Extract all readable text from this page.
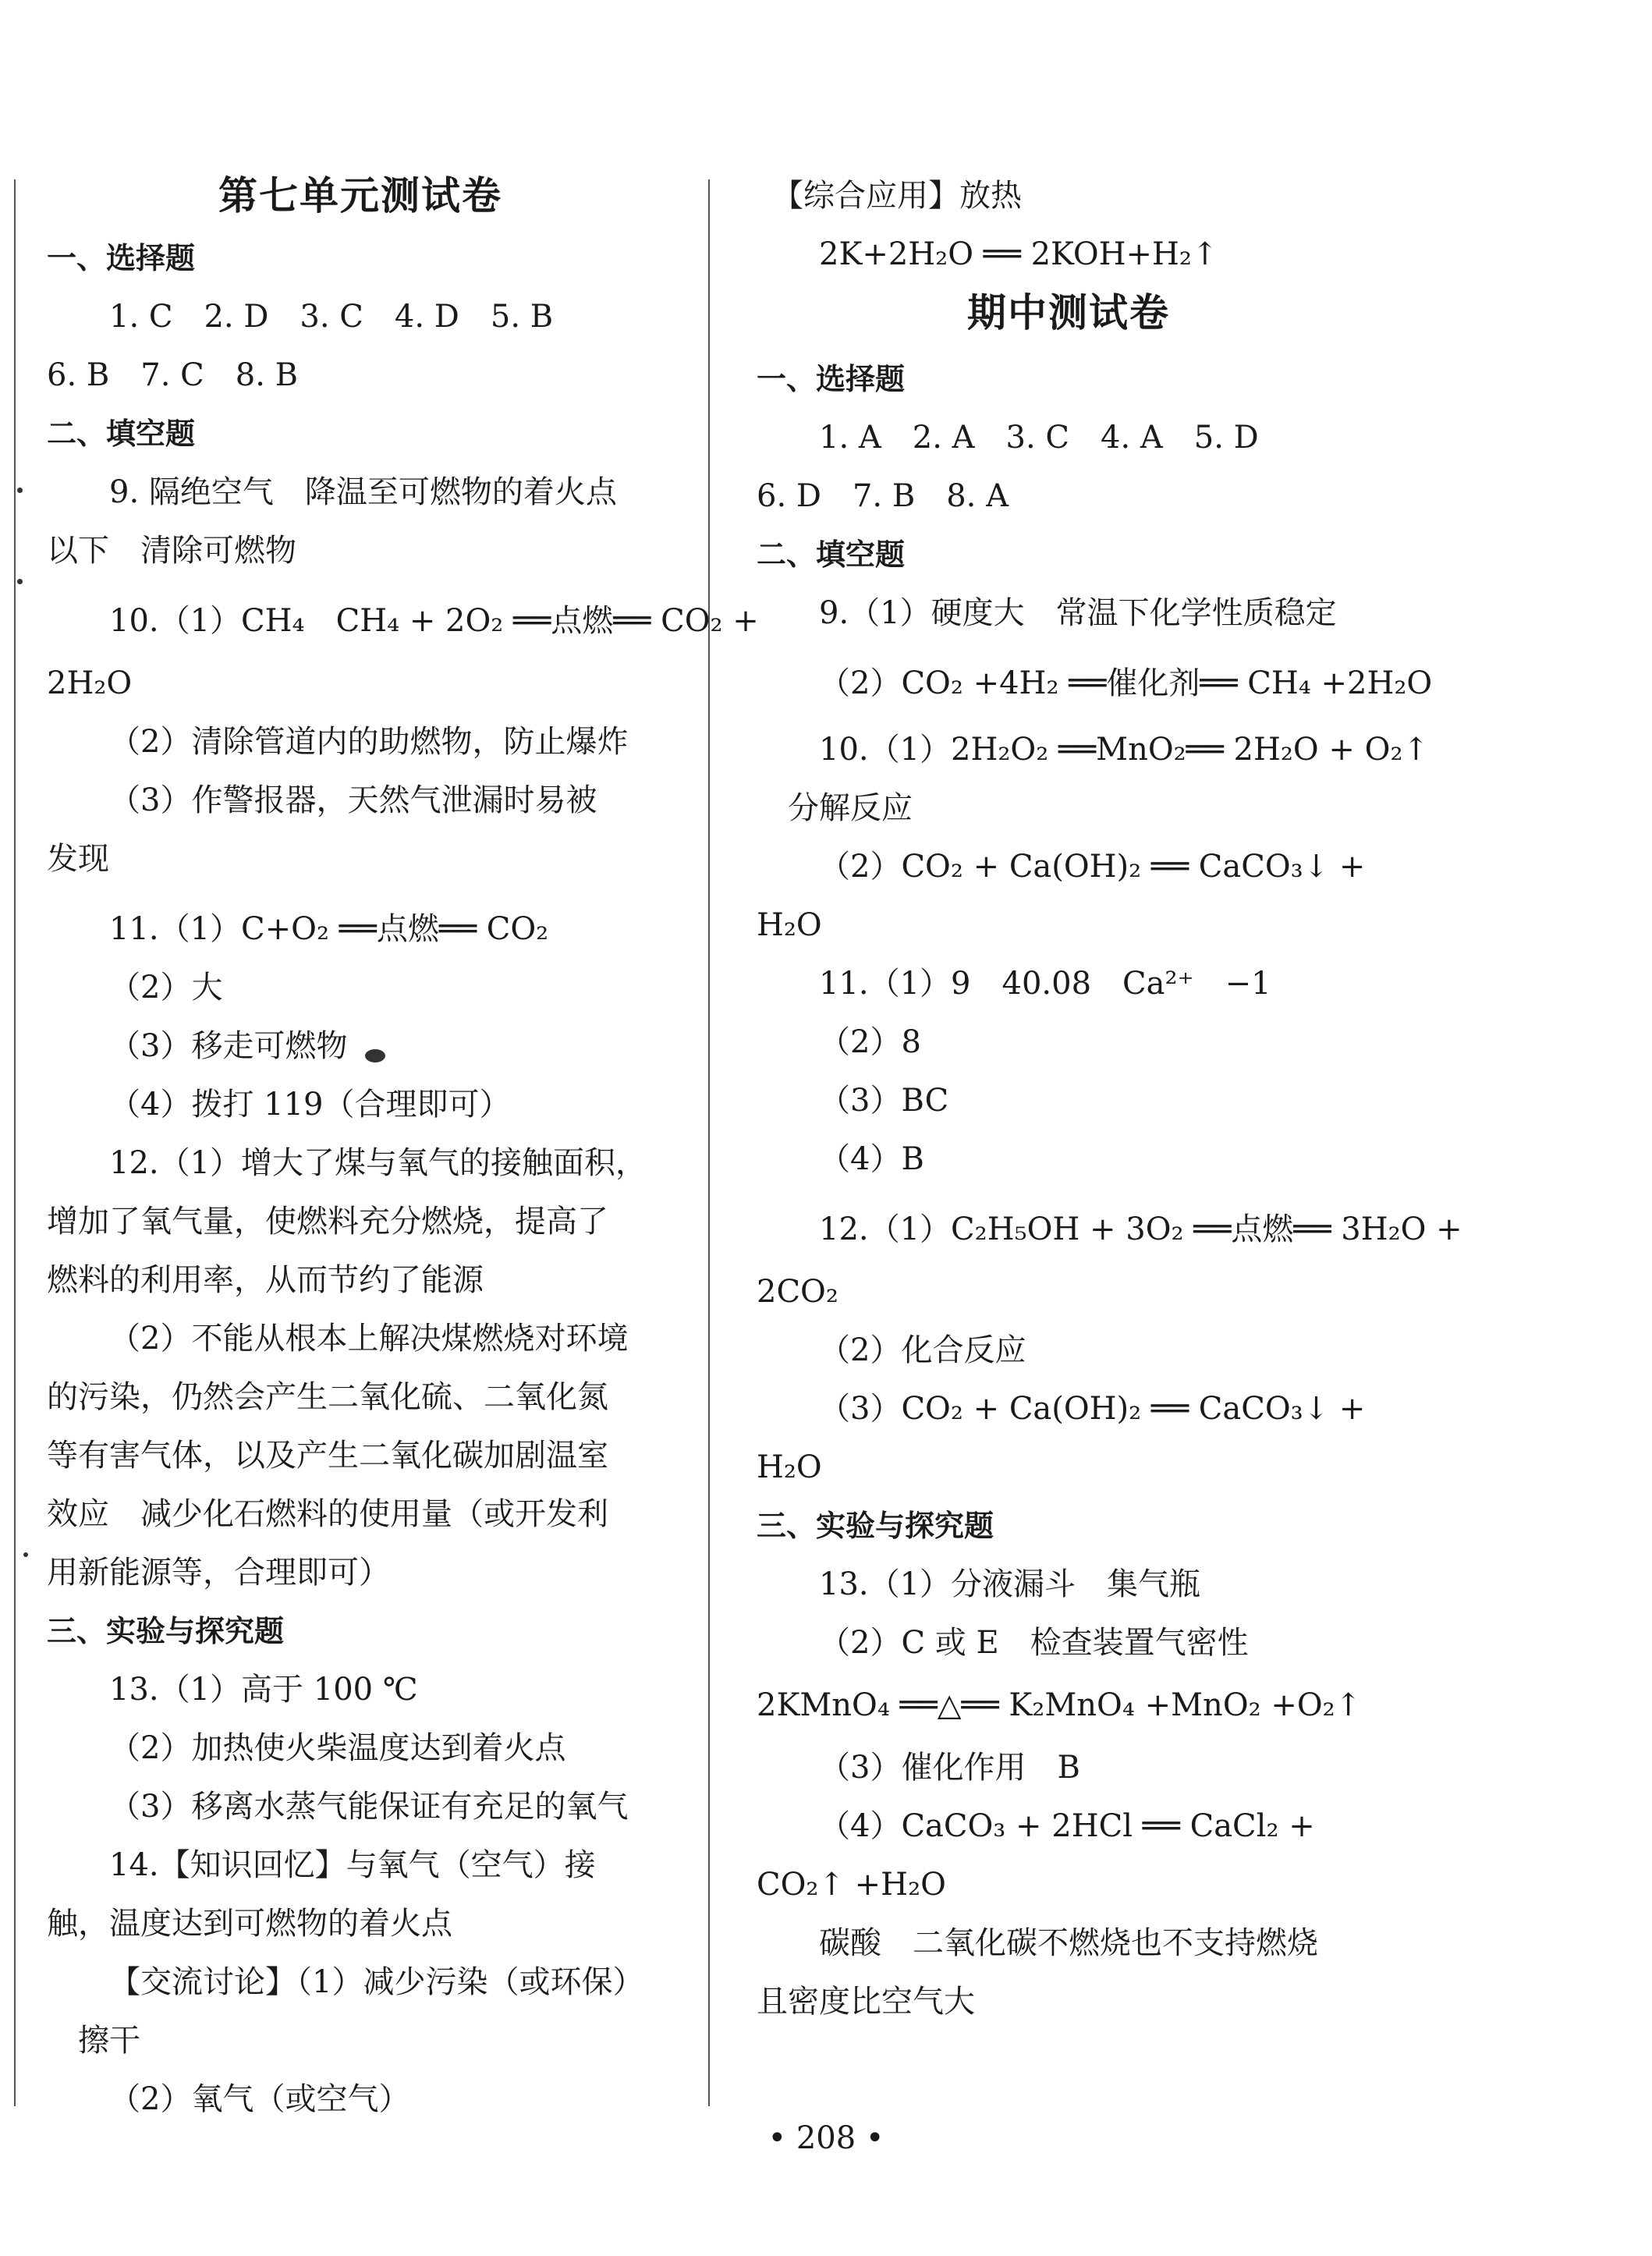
第七单元测试卷
一、选择题
1. C　2. D　3. C　4. D　5. B
6. B　7. C　8. B
二、填空题
9. 隔绝空气　降温至可燃物的着火点
以下　清除可燃物
10.（1）CH₄　CH₄ + 2O₂ ══点燃══ CO₂ +
2H₂O
（2）清除管道内的助燃物，防止爆炸
（3）作警报器，天然气泄漏时易被
发现
11.（1）C+O₂ ══点燃══ CO₂
（2）大
（3）移走可燃物
（4）拨打 119（合理即可）
12.（1）增大了煤与氧气的接触面积，
增加了氧气量，使燃料充分燃烧，提高了
燃料的利用率，从而节约了能源
（2）不能从根本上解决煤燃烧对环境
的污染，仍然会产生二氧化硫、二氧化氮
等有害气体，以及产生二氧化碳加剧温室
效应　减少化石燃料的使用量（或开发利
用新能源等，合理即可）
三、实验与探究题
13.（1）高于 100 ℃
（2）加热使火柴温度达到着火点
（3）移离水蒸气能保证有充足的氧气
14.【知识回忆】与氧气（空气）接
触，温度达到可燃物的着火点
【交流讨论】（1）减少污染（或环保）
擦干
（2）氧气（或空气）
【综合应用】放热
2K+2H₂O ══ 2KOH+H₂↑
期中测试卷
一、选择题
1. A　2. A　3. C　4. A　5. D
6. D　7. B　8. A
二、填空题
9.（1）硬度大　常温下化学性质稳定
（2）CO₂ +4H₂ ══催化剂══ CH₄ +2H₂O
10.（1）2H₂O₂ ══MnO₂══ 2H₂O + O₂↑
分解反应
（2）CO₂ + Ca(OH)₂ ══ CaCO₃↓ +
H₂O
11.（1）9　40.08　Ca²⁺　−1
（2）8
（3）BC
（4）B
12.（1）C₂H₅OH + 3O₂ ══点燃══ 3H₂O +
2CO₂
（2）化合反应
（3）CO₂ + Ca(OH)₂ ══ CaCO₃↓ +
H₂O
三、实验与探究题
13.（1）分液漏斗　集气瓶
（2）C 或 E　检查装置气密性
2KMnO₄ ══△══ K₂MnO₄ +MnO₂ +O₂↑
（3）催化作用　B
（4）CaCO₃ + 2HCl ══ CaCl₂ +
CO₂↑ +H₂O
碳酸　二氧化碳不燃烧也不支持燃烧
且密度比空气大
• 208 •
